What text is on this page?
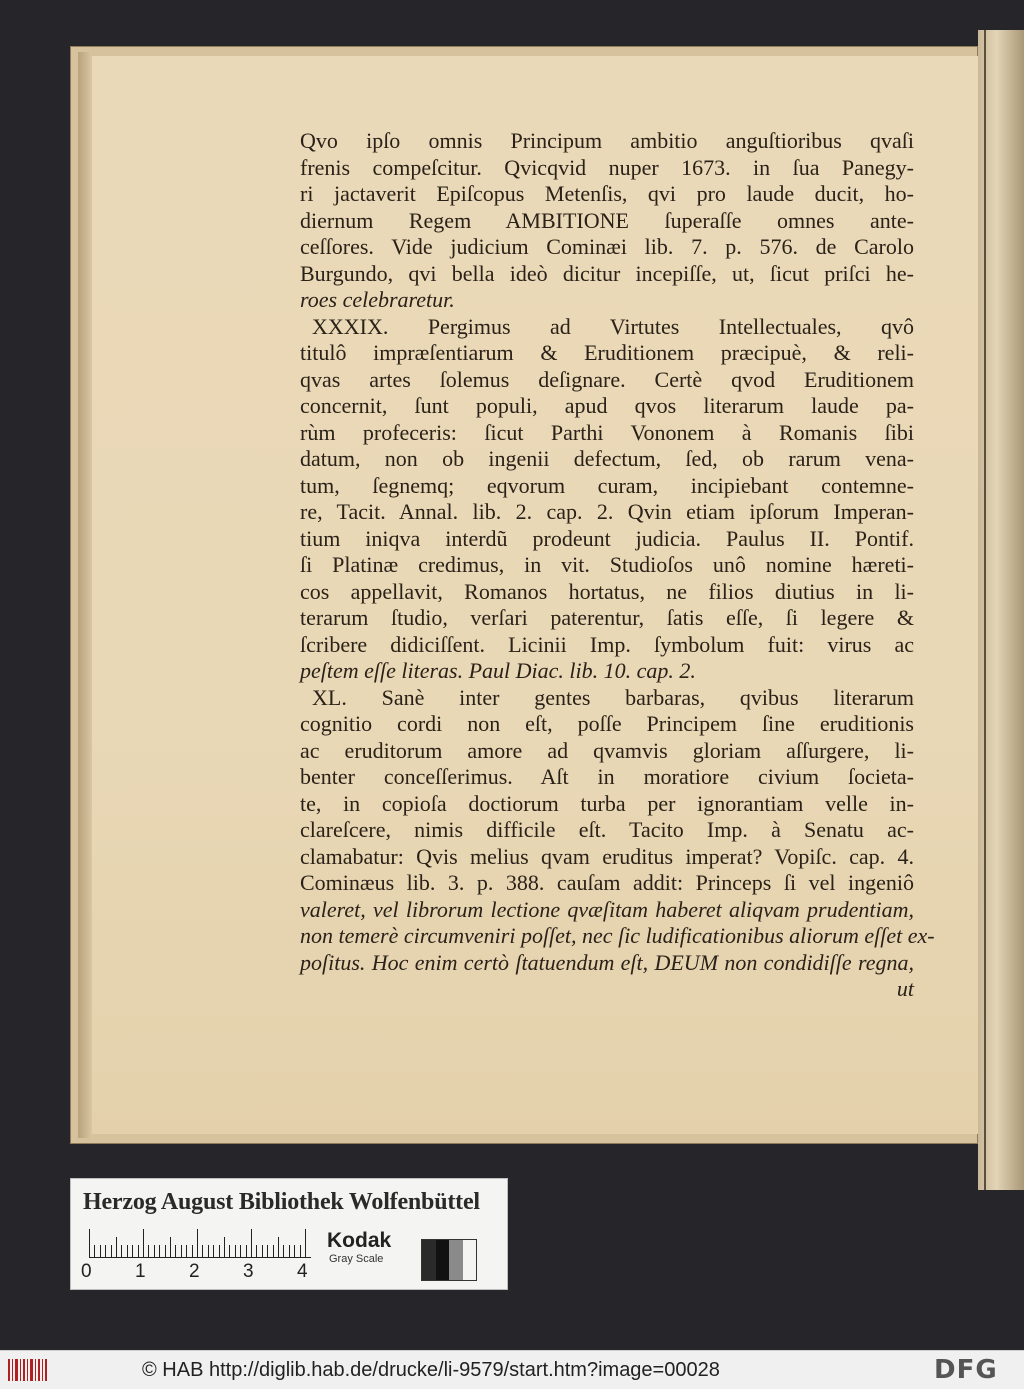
Qvo ipſo omnis Principum ambitio anguſtioribus qvaſi
frenis compeſcitur. Qvicqvid nuper 1673. in ſua Panegy-
ri jactaverit Epiſcopus Metenſis, qvi pro laude ducit, ho-
diernum Regem AMBITIONE ſuperaſſe omnes ante-
ceſſores. Vide judicium Cominæi lib. 7. p. 576. de Carolo
Burgundo, qvi bella ideò dicitur incepiſſe, ut, ſicut priſci he-
roes celebraretur.
XXXIX. Pergimus ad Virtutes Intellectuales, qvô
titulô impræſentiarum & Eruditionem præcipuè, & reli-
qvas artes ſolemus deſignare. Certè qvod Eruditionem
concernit, ſunt populi, apud qvos literarum laude pa-
rùm profeceris: ſicut Parthi Vononem à Romanis ſibi
datum, non ob ingenii defectum, ſed, ob rarum vena-
tum, ſegnemq; eqvorum curam, incipiebant contemne-
re, Tacit. Annal. lib. 2. cap. 2. Qvin etiam ipſorum Imperan-
tium iniqva interdũ prodeunt judicia. Paulus II. Pontif.
ſi Platinæ credimus, in vit. Studioſos unô nomine hæreti-
cos appellavit, Romanos hortatus, ne filios diutius in li-
terarum ſtudio, verſari paterentur, ſatis eſſe, ſi legere &
ſcribere didiciſſent. Licinii Imp. ſymbolum fuit: virus ac
peſtem eſſe literas. Paul Diac. lib. 10. cap. 2.
XL. Sanè inter gentes barbaras, qvibus literarum
cognitio cordi non eſt, poſſe Principem ſine eruditionis
ac eruditorum amore ad qvamvis gloriam aſſurgere, li-
benter conceſſerimus. Aſt in moratiore civium ſocieta-
te, in copioſa doctiorum turba per ignorantiam velle in-
clareſcere, nimis difficile eſt. Tacito Imp. à Senatu ac-
clamabatur: Qvis melius qvam eruditus imperat? Vopiſc. cap. 4.
Cominæus lib. 3. p. 388. cauſam addit: Princeps ſi vel ingeniô
valeret, vel librorum lectione qvæſitam haberet aliqvam prudentiam,
non temerè circumveniri poſſet, nec ſic ludificationibus aliorum eſſet ex-
poſitus. Hoc enim certò ſtatuendum eſt, DEUM non condidiſſe regna,
ut
Herzog August Bibliothek Wolfenbüttel
0 1 2 3 4
Kodak
Gray Scale
© HAB http://diglib.hab.de/drucke/li-9579/start.htm?image=00028	DFG
